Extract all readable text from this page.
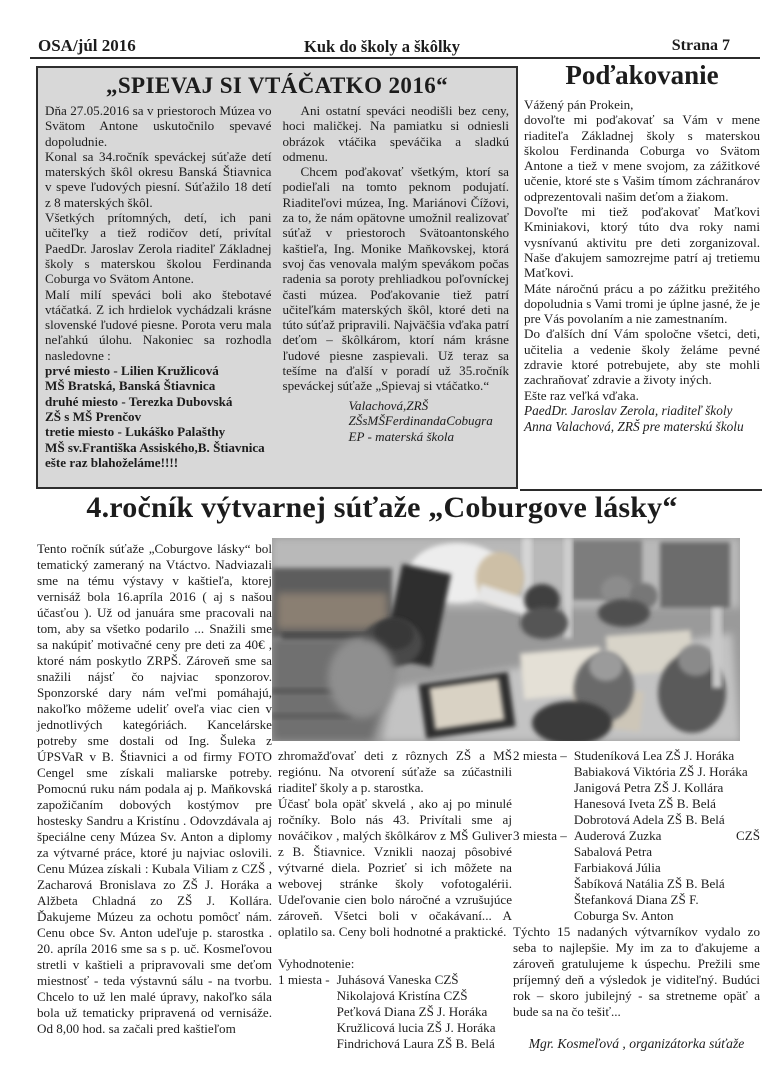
OSA/júl 2016	Kuk do školy a škôlky	Strana 7
„SPIEVAJ SI VTÁČATKO 2016“

Dňa 27.05.2016 sa v priestoroch Múzea vo Svätom Antone uskutočnilo spevavé dopoludnie.

Konal sa 34.ročník speváckej súťaže detí materských škôl okresu Banská Štiavnica v speve ľudových piesní. Súťažilo 18 detí z 8 materských škôl.

Všetkých prítomných, detí, ich pani učiteľky a tiež rodičov detí, privítal PaedDr. Jaroslav Zerola riaditeľ Základnej školy s materskou školou Ferdinanda Coburga vo Svätom Antone.

Malí milí speváci boli ako štebotavé vtáčatká. Z ich hrdielok vychádzali krásne slovenské ľudové piesne. Porota veru mala neľahkú úlohu. Nakoniec sa rozhodla nasledovne :

prvé miesto - Lilien Kružlicová

MŠ Bratská, Banská Štiavnica

druhé miesto - Terezka Dubovská

ZŠ s MŠ Prenčov

tretie miesto - Lukáško Palašthy

MŠ sv.Františka Assiského,B. Štiavnica

ešte raz blahoželáme!!!!

Ani ostatní speváci neodišli bez ceny, hoci maličkej. Na pamiatku si odniesli obrázok vtáčika speváčika a sladkú odmenu.

Chcem poďakovať všetkým, ktorí sa podieľali na tomto peknom podujatí. Riaditeľovi múzea, Ing. Mariánovi Čížovi, za to, že nám opätovne umožnil realizovať súťaž v priestoroch Svätoantonského kaštieľa, Ing. Monike Maňkovskej, ktorá svoj čas venovala malým spevákom počas radenia sa poroty prehliadkou poľovníckej časti múzea. Poďakovanie tiež patrí učiteľkám materských škôl, ktoré deti na túto súťaž pripravili. Najväčšia vďaka patrí deťom – škôlkárom, ktorí nám krásne ľudové piesne zaspievali. Už teraz sa tešíme na ďalší v poradí už 35.ročník speváckej súťaže „Spievaj si vtáčatko.“

Valachová,ZRŠ
ZŠsMŠFerdinandaCobugra
EP - materská škola
Poďakovanie

Vážený pán Prokein,

dovoľte mi poďakovať sa Vám v mene riaditeľa Základnej školy s materskou školou Ferdinanda Coburga vo Svätom Antone a tiež v mene svojom, za zážitkové učenie, ktoré ste s Vašim tímom záchranárov odprezentovali našim deťom a žiakom.

Dovoľte mi tiež poďakovať Maťkovi Kminiakovi, ktorý túto dva roky nami vysnívanú aktivitu pre deti zorganizoval. Naše ďakujem samozrejme patrí aj tretiemu Maťkovi.

Máte náročnú prácu a po zážitku prežitého dopoludnia s Vami tromi je úplne jasné, že je pre Vás povolaním a nie zamestnaním.

Do ďalších dní Vám spoločne všetci, deti, učitelia a vedenie školy želáme pevné zdravie ktoré potrebujete, aby ste mohli zachraňovať zdravie a životy iných.

Ešte raz veľká vďaka.

PaedDr. Jaroslav Zerola, riaditeľ školy
Anna Valachová, ZRŠ pre materskú školu
4.ročník výtvarnej súťaže „Coburgove lásky“

Tento ročník súťaže „Coburgove lásky“ bol tematický zameraný na Vtáctvo. Nadviazali sme na tému výstavy v kaštieľa, ktorej vernisáž bola 16.apríla 2016 ( aj s našou účasťou ). Už od januára sme pracovali na tom, aby sa všetko podarilo ... Snažili sme sa nakúpiť motivačné ceny pre deti za 40€ , ktoré nám poskytlo ZRPŠ. Zároveň sme sa snažili nájsť čo najviac sponzorov. Sponzorské dary nám veľmi pomáhajú, nakoľko môžeme udeliť oveľa viac cien v jednotlivých kategóriách. Kancelárske potreby sme dostali od Ing. Šuleka z ÚPSVaR v B. Štiavnici a od firmy FOTO Cengel sme získali maliarske potreby. Pomocnú ruku nám podala aj p. Maňkovská zapožičaním dobových kostýmov pre hostesky Sandru a Kristínu . Odovzdávala aj špeciálne ceny Múzea Sv. Anton a diplomy za výtvarné práce, ktoré ju najviac oslovili. Cenu Múzea získali : Kubala Viliam z CZŠ , Zacharová Bronislava zo ZŠ J. Horáka a Alžbeta Chladná zo ZŠ J. Kollára. Ďakujeme Múzeu za ochotu pomôcť nám. Cenu obce Sv. Anton udeľuje p. starostka . 20. apríla 2016 sme sa s p. uč. Kosmeľovou stretli v kaštieli a pripravovali sme deťom miestnosť - teda výstavnú sálu - na tvorbu. Chcelo to už len malé úpravy, nakoľko sála bola už tematicky pripravená od vernisáže. Od 8,00 hod. sa začali pred kaštieľom

zhromažďovať deti z rôznych ZŠ a MŠ regiónu. Na otvorení súťaže sa zúčastnili riaditeľ školy a p. starostka.

Účasť bola opäť skvelá , ako aj po minulé ročníky. Bolo nás 43. Privítali sme aj nováčikov , malých škôlkárov z MŠ Guliver z B. Štiavnice. Vznikli naozaj pôsobivé výtvarné diela. Pozrieť si ich môžete na webovej stránke školy vofotogalérii. Udeľovanie cien bolo náročné a vzrušujúce zároveň. Všetci boli v očakávaní... A oplatilo sa. Ceny boli hodnotné a praktické.

Vyhodnotenie:

1 miesta - Juhásová Vaneska CZŠ
Nikolajová Kristína CZŠ
Peťková Diana ZŠ J. Horáka
Kružlicová lucia ZŠ J. Horáka
Findrichová Laura ZŠ B. Belá
2 miesta – Studeníková Lea ZŠ J. Horáka
Babiaková Viktória ZŠ J. Horáka
Janigová Petra ZŠ J. Kollára
Hanesová Iveta ZŠ B. Belá
Dobrotová Adela ZŠ B. Belá
3 miesta – Auderová Zuzka	CZŠ
Sabalová Petra
Farbiaková Júlia
Šabíková Natália ZŠ B. Belá
Štefanková Diana ZŠ F.
Coburga Sv. Anton

Týchto 15 nadaných výtvarníkov vydalo zo seba to najlepšie. My im za to ďakujeme a zároveň gratulujeme k úspechu. Prežili sme príjemný deň a výsledok je viditeľný. Budúci rok – skoro jubilejný - sa stretneme opäť a bude sa na čo tešiť...

Mgr. Kosmeľová , organizátorka súťaže
